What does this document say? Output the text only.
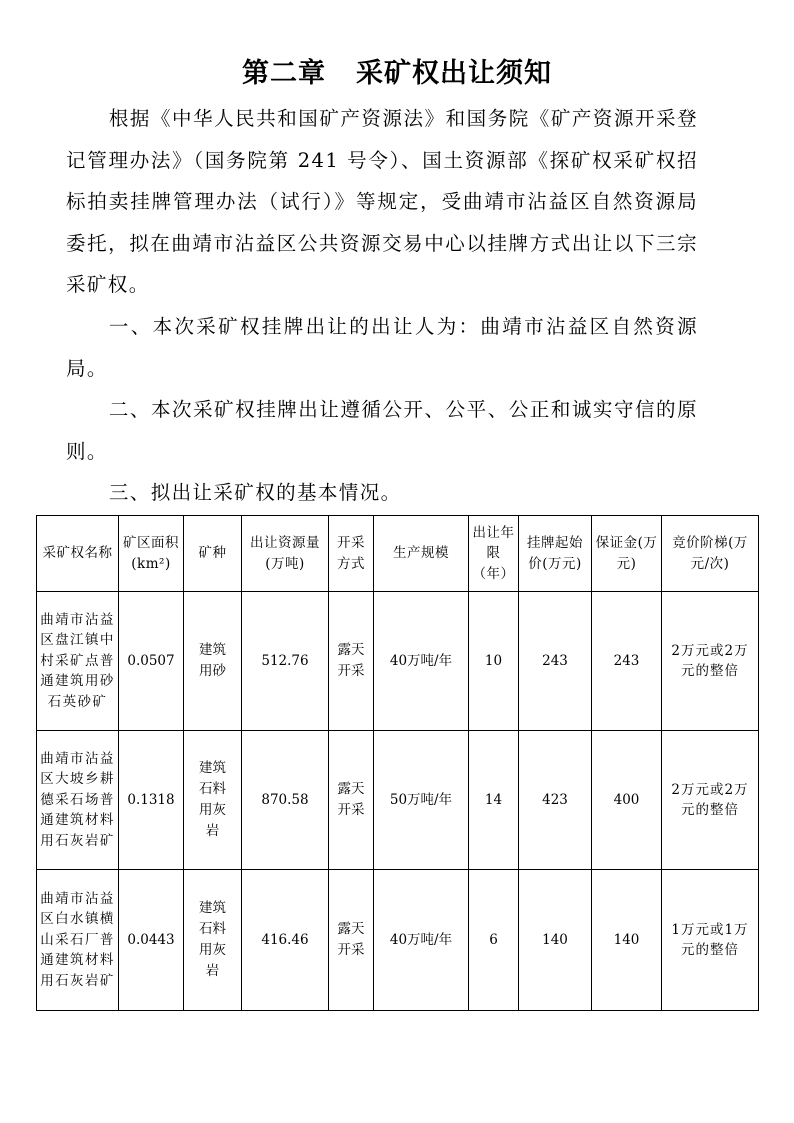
第二章 采矿权出让须知
根据《中华人民共和国矿产资源法》和国务院《矿产资源开采登记管理办法》（国务院第 241 号令）、国土资源部《探矿权采矿权招标拍卖挂牌管理办法（试行）》等规定，受曲靖市沾益区自然资源局委托，拟在曲靖市沾益区公共资源交易中心以挂牌方式出让以下三宗采矿权。
一、本次采矿权挂牌出让的出让人为：曲靖市沾益区自然资源局。
二、本次采矿权挂牌出让遵循公开、公平、公正和诚实守信的原则。
三、拟出让采矿权的基本情况。
采矿权名称	矿区面积(km²)	矿种	出让资源量(万吨)	开采方式	生产规模	出让年限（年）	挂牌起始价(万元)	保证金(万元)	竞价阶梯(万元/次)
曲靖市沾益区盘江镇中村采矿点普通建筑用砂石英砂矿	0.0507	建筑用砂	512.76	露天开采	40万吨/年	10	243	243	2万元或2万元的整倍
曲靖市沾益区大坡乡耕德采石场普通建筑材料用石灰岩矿	0.1318	建筑石料用灰岩	870.58	露天开采	50万吨/年	14	423	400	2万元或2万元的整倍
曲靖市沾益区白水镇横山采石厂普通建筑材料用石灰岩矿	0.0443	建筑石料用灰岩	416.46	露天开采	40万吨/年	6	140	140	1万元或1万元的整倍
